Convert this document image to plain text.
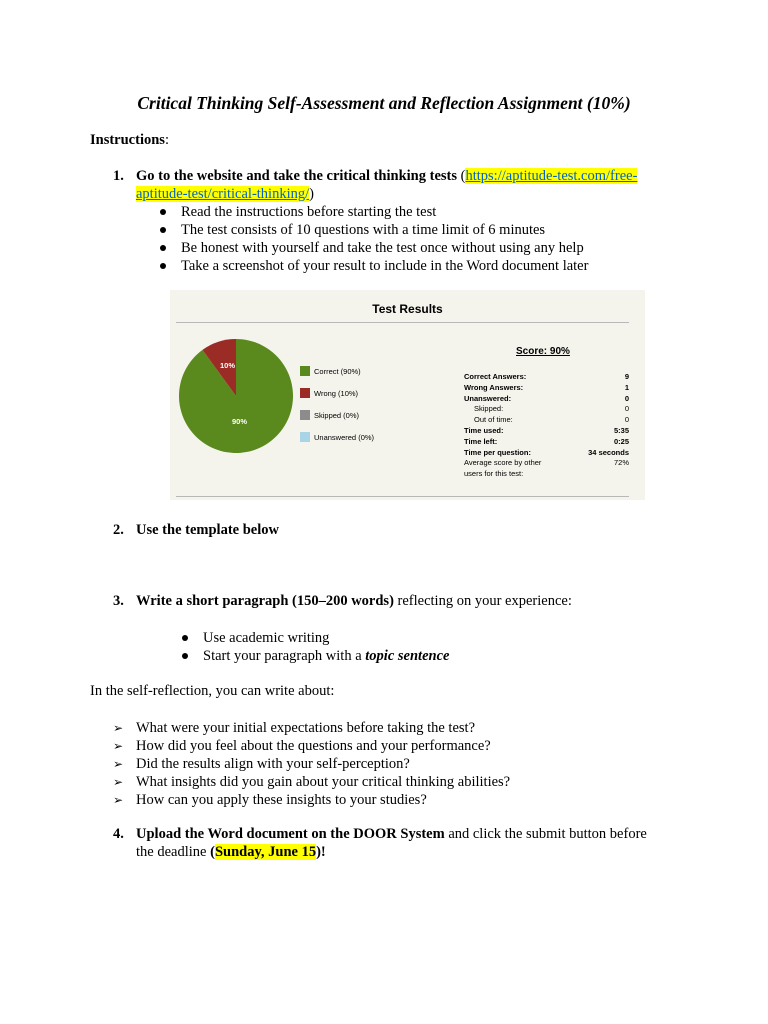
Critical Thinking Self-Assessment and Reflection Assignment (10%)
Instructions:
1. Go to the website and take the critical thinking tests (https://aptitude-test.com/free-
aptitude-test/critical-thinking/)
Read the instructions before starting the test
The test consists of 10 questions with a time limit of 6 minutes
Be honest with yourself and take the test once without using any help
Take a screenshot of your result to include in the Word document later
Test Results
10%
90%
Correct (90%)
Wrong (10%)
Skipped (0%)
Unanswered (0%)
Score: 90%
Correct Answers:	9
Wrong Answers:	1
Unanswered:	0
Skipped:	0
Out of time:	0
Time used:	5:35
Time left:	0:25
Time per question:	34 seconds
Average score by other	72%
users for this test:
2. Use the template below
3. Write a short paragraph (150–200 words) reflecting on your experience:
Use academic writing
Start your paragraph with a topic sentence
In the self-reflection, you can write about:
➢ What were your initial expectations before taking the test?
➢ How did you feel about the questions and your performance?
➢ Did the results align with your self-perception?
➢ What insights did you gain about your critical thinking abilities?
➢ How can you apply these insights to your studies?
4. Upload the Word document on the DOOR System and click the submit button before
the deadline (Sunday, June 15)!
